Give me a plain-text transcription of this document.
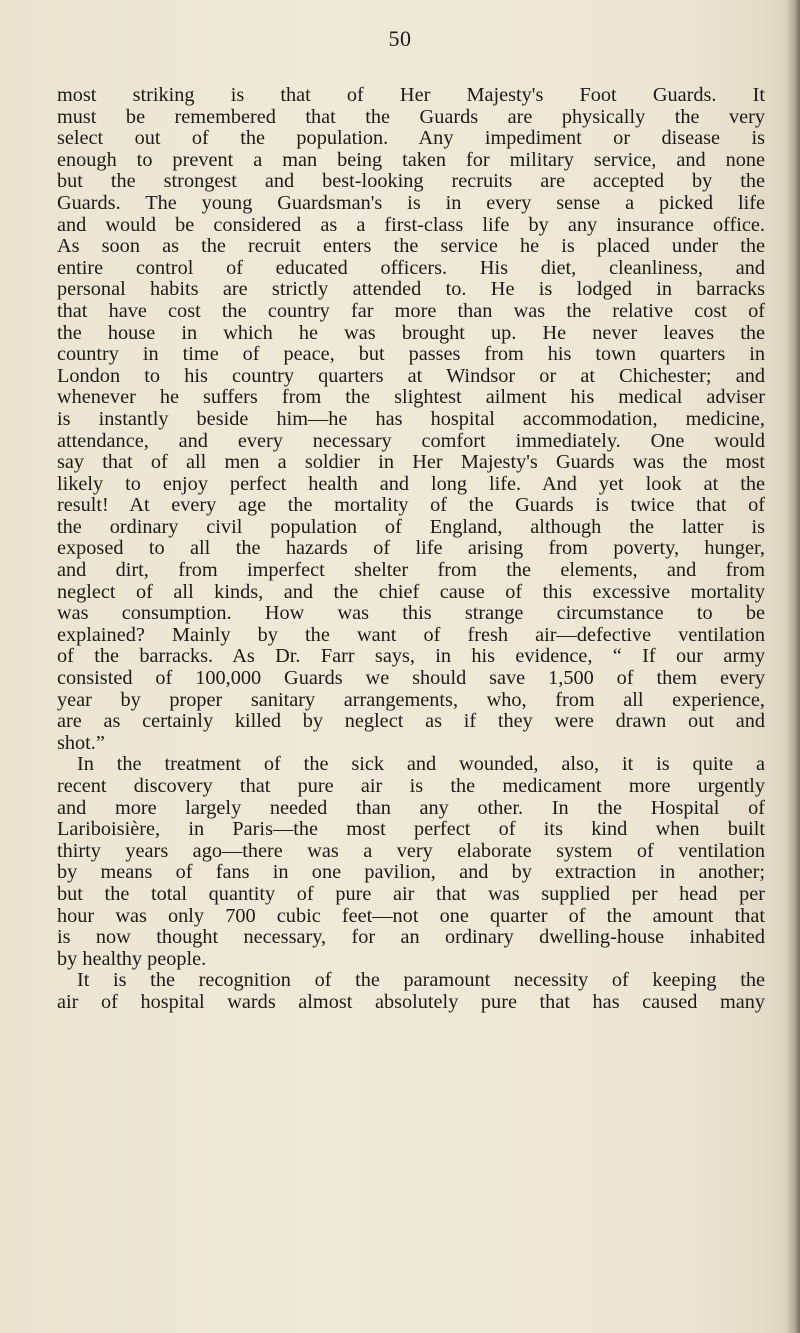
50
most striking is that of Her Majesty's Foot Guards. It
must be remembered that the Guards are physically the very
select out of the population. Any impediment or disease is
enough to prevent a man being taken for military service, and none
but the strongest and best-looking recruits are accepted by the
Guards. The young Guardsman's is in every sense a picked life
and would be considered as a first-class life by any insurance office.
As soon as the recruit enters the service he is placed under the
entire control of educated officers. His diet, cleanliness, and
personal habits are strictly attended to. He is lodged in barracks
that have cost the country far more than was the relative cost of
the house in which he was brought up. He never leaves the
country in time of peace, but passes from his town quarters in
London to his country quarters at Windsor or at Chichester; and
whenever he suffers from the slightest ailment his medical adviser
is instantly beside him—he has hospital accommodation, medicine,
attendance, and every necessary comfort immediately. One would
say that of all men a soldier in Her Majesty's Guards was the most
likely to enjoy perfect health and long life. And yet look at the
result! At every age the mortality of the Guards is twice that of
the ordinary civil population of England, although the latter is
exposed to all the hazards of life arising from poverty, hunger,
and dirt, from imperfect shelter from the elements, and from
neglect of all kinds, and the chief cause of this excessive mortality
was consumption. How was this strange circumstance to be
explained? Mainly by the want of fresh air—defective ventilation
of the barracks. As Dr. Farr says, in his evidence, “ If our army
consisted of 100,000 Guards we should save 1,500 of them every
year by proper sanitary arrangements, who, from all experience,
are as certainly killed by neglect as if they were drawn out and
shot.”
In the treatment of the sick and wounded, also, it is quite a
recent discovery that pure air is the medicament more urgently
and more largely needed than any other. In the Hospital of
Lariboisière, in Paris—the most perfect of its kind when built
thirty years ago—there was a very elaborate system of ventilation
by means of fans in one pavilion, and by extraction in another;
but the total quantity of pure air that was supplied per head per
hour was only 700 cubic feet—not one quarter of the amount that
is now thought necessary, for an ordinary dwelling-house inhabited
by healthy people.
It is the recognition of the paramount necessity of keeping the
air of hospital wards almost absolutely pure that has caused many
